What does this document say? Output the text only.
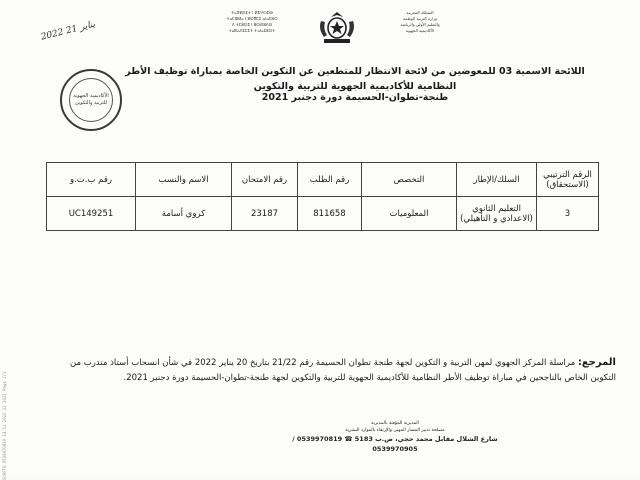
SOUFTH 0539970819 14:12 2022 22 2022 Page 1/1
ⵜⴰⴳⵍⴷⵉⵜ ⵏ ⵍⵎⵖⵔⵉⴱ
ⵜⴰⵎⵀⵍⴰ ⵏ ⵓⵙⴳⵎⵉ ⴰⵏⴰⵎⵓⵔ
ⴷ ⵜⵎⵓⵔⵉ ⵏ ⵓⵙⵙⵓⴷⵙ
ⵜⴰⴽⴰⴷⵉⵎⵉⵜ ⵜⴰⵏⴰⵎⵓⵔⵜ
المملكة المغربية
وزارة التربية الوطنية
والتعليم الأولي والرياضة
الأكاديمية الجهوية
2022 يناير 21
الأكاديمية الجهوية للتربية والتكوين
اللائحة الاسمية 03 للمعوضين من لائحة الانتظار للمتطعين عن التكوين الخاصة بمباراة توظيف الأطر النظامية للأكاديمية الجهوية للتربية والتكوين
طنجة-تطوان-الحسيمة دورة دجنبر 2021
الرقم الترتيبي (الاستحقاق)	السلك/الإطار	التخصص	رقم الطلب	رقم الامتحان	الاسم والنسب	رقم ب.ت.و
3	التعليم الثانوي (الاعدادي و التأهيلي)	المعلوميات	811658	23187	كروي أسامة	UC149251
المرجع: مراسلة المركز الجهوي لمهن التربية و التكوين لجهة طنجة تطوان الحسيمة رقم 21/22 بتاريخ 20 يناير 2022 في شأن انسحاب أستاذ متدرب من التكوين الخاص بالناجحين في مباراة توظيف الأطر النظامية للأكاديمية الجهوية للتربية والتكوين لجهة طنجة-تطوان-الحسيمة دورة دجنبر 2021.
المديرية المؤقتة بالمديرية
مصلحة تدبير المسار المهني والإرتقاء بالموارد البشرية
شارع الشلال مقابل محمد حجي، ص.ب 5183 ☎ 0539970819 / 0539970905
